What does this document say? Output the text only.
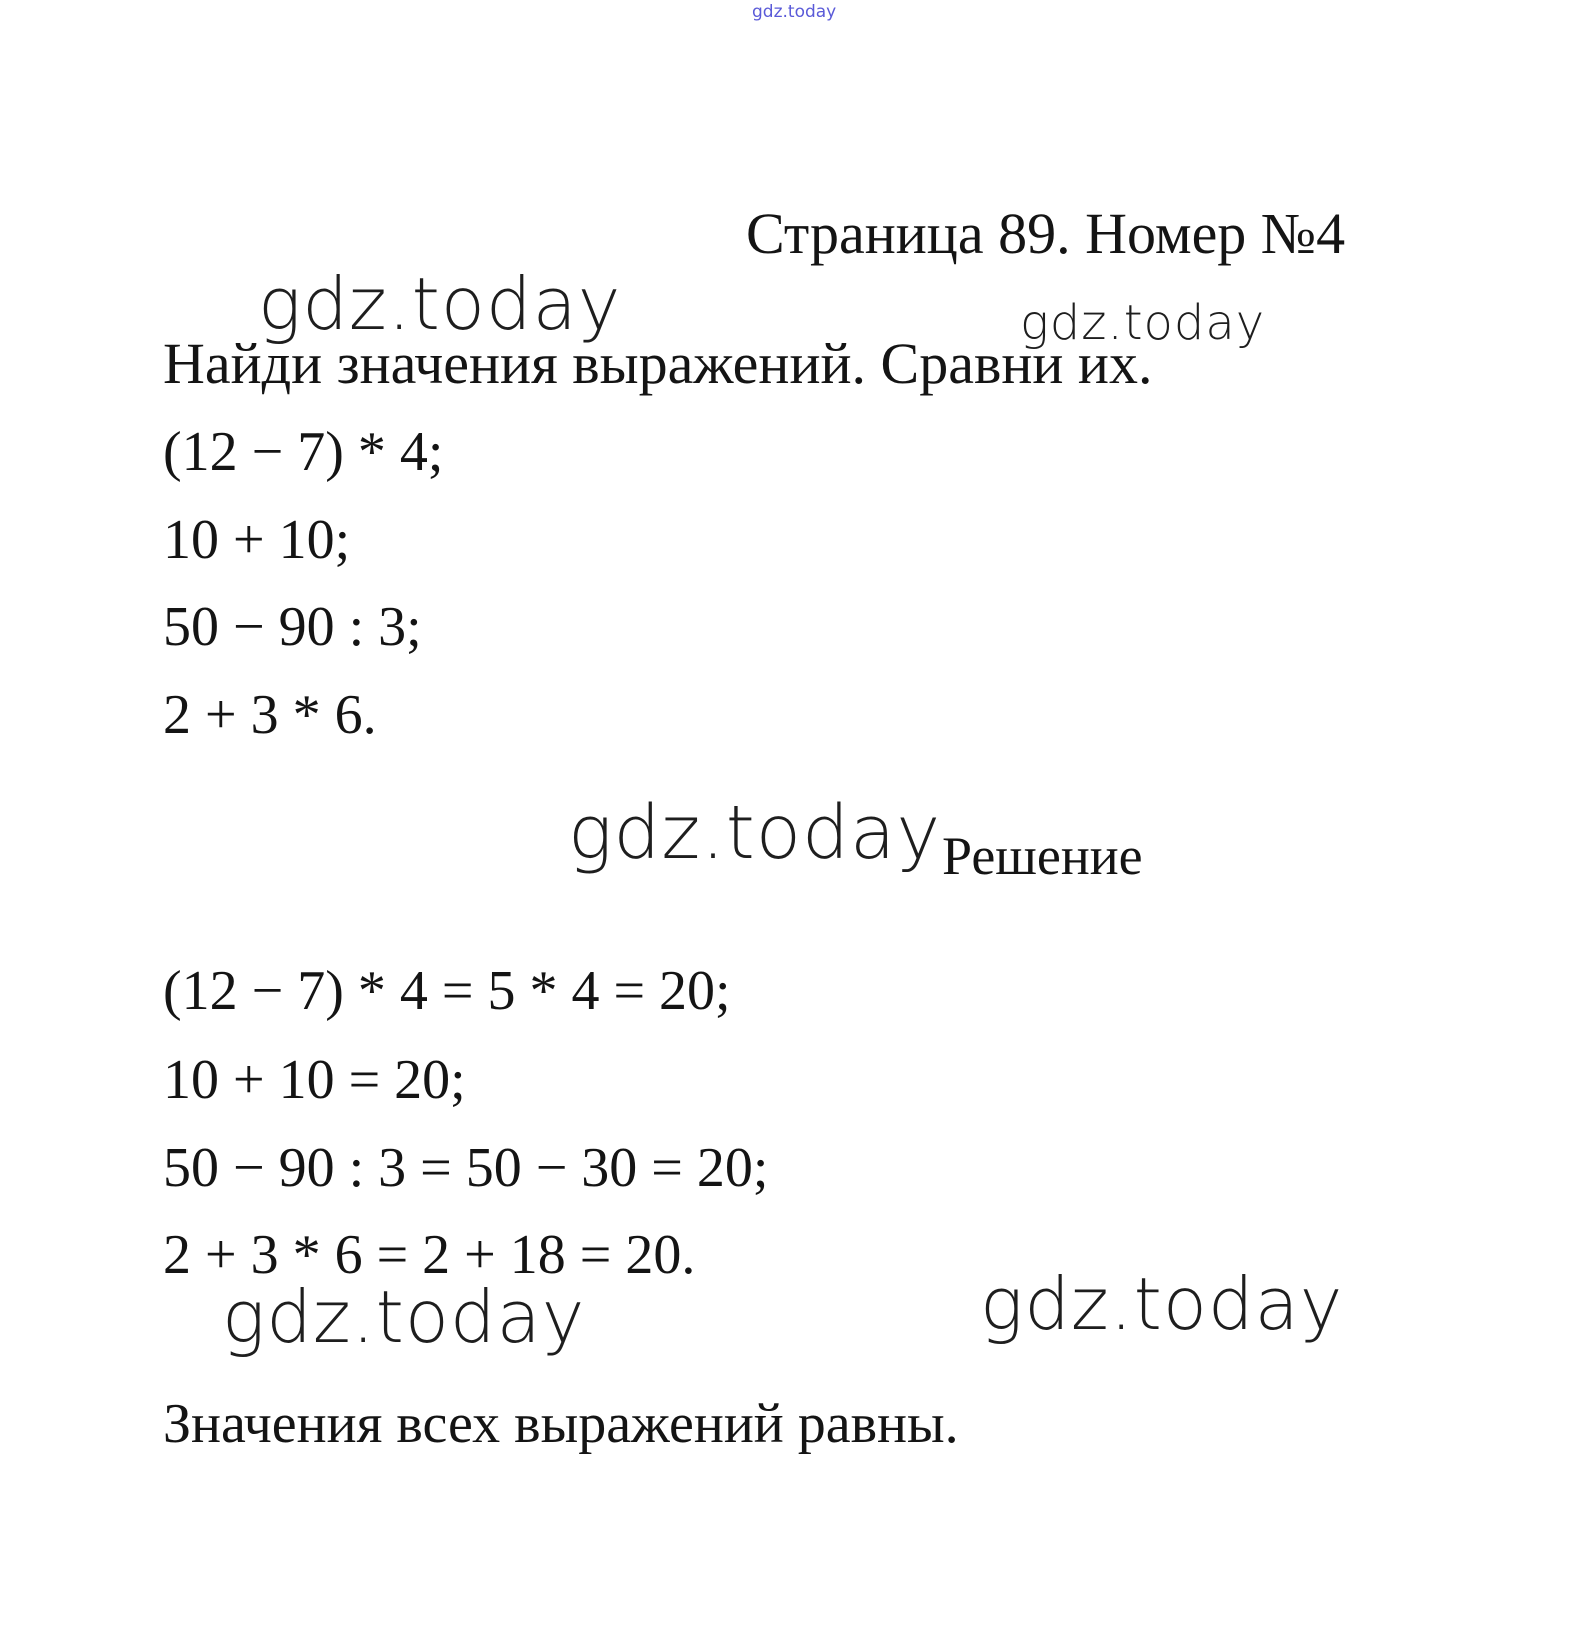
gdz.today
Страница 89. Номер №4
gdz.today	gdz.today
Найди значения выражений. Сравни их.
(12 − 7) * 4;
10 + 10;
50 − 90 : 3;
2 + 3 * 6.
gdz.today Решение
(12 − 7) * 4 = 5 * 4 = 20;
10 + 10 = 20;
50 − 90 : 3 = 50 − 30 = 20;
2 + 3 * 6 = 2 + 18 = 20.
gdz.today	gdz.today
Значения всех выражений равны.
